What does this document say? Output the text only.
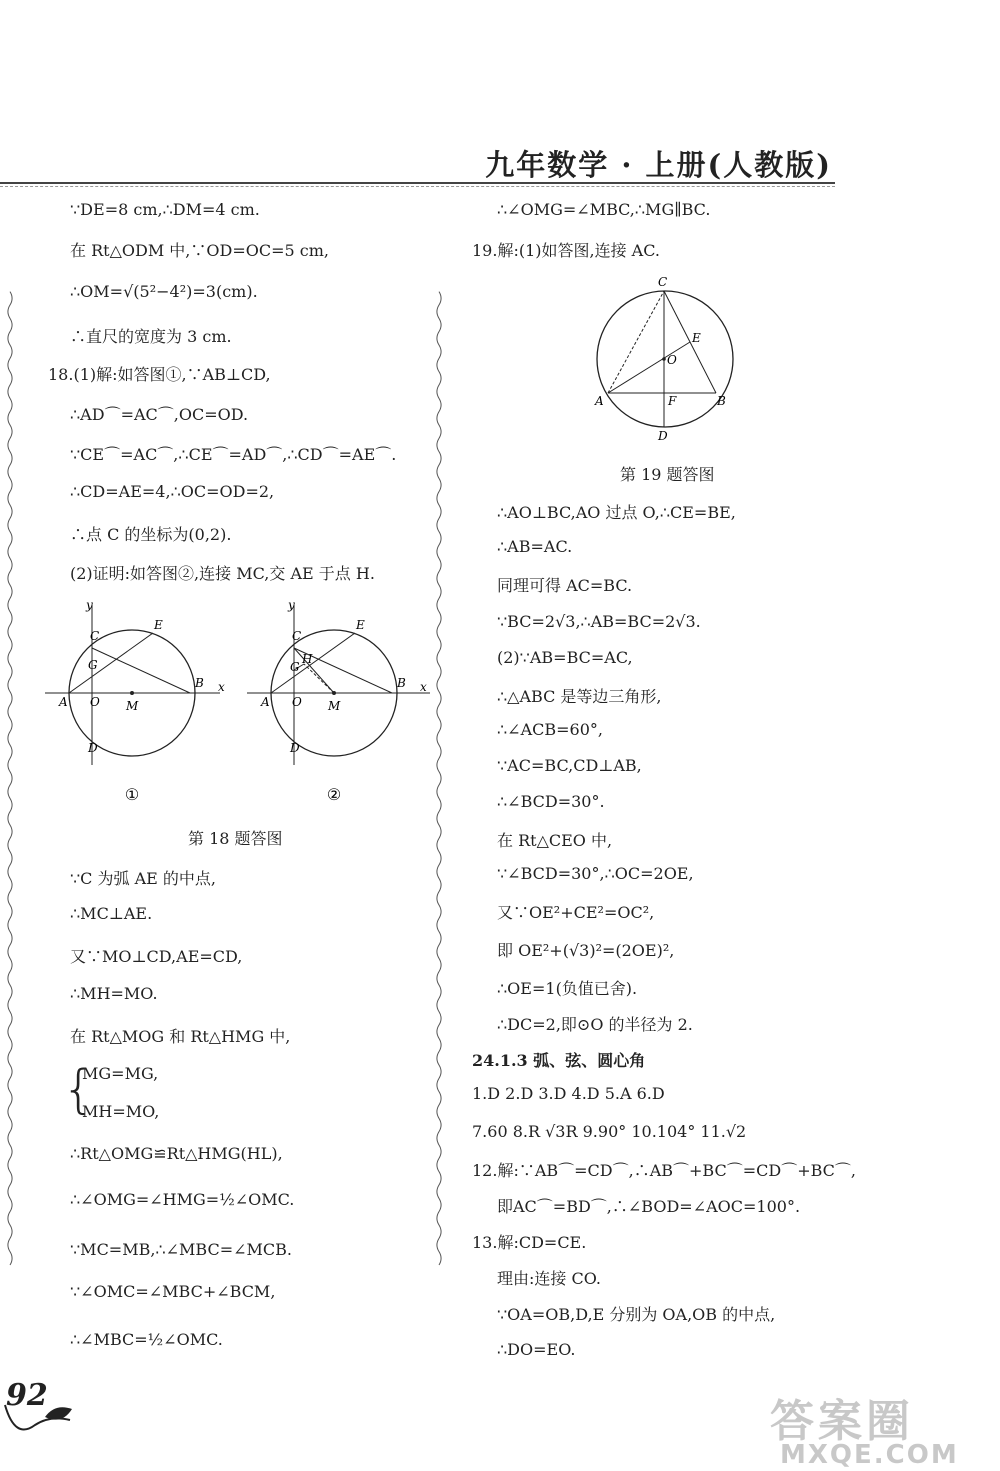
九年数学 · 上册(人教版)
∵DE=8 cm,∴DM=4 cm.
在 Rt△ODM 中,∵OD=OC=5 cm,
∴OM=√(5²−4²)=3(cm).
∴直尺的宽度为 3 cm.
18.(1)解:如答图①,∵AB⊥CD,
∴AD⌒=AC⌒,OC=OD.
∵CE⌒=AC⌒,∴CE⌒=AD⌒,∴CD⌒=AE⌒.
∴CD=AE=4,∴OC=OD=2,
∴点 C 的坐标为(0,2).
(2)证明:如答图②,连接 MC,交 AE 于点 H.
y
x
C
E
G
A O M
B
D
y
x
C
E
H
G
A O M
B
D
①	②
第 18 题答图
∵C 为弧 AE 的中点,
∴MC⊥AE.
又∵MO⊥CD,AE=CD,
∴MH=MO.
在 Rt△MOG 和 Rt△HMG 中,
{
MG=MG,
MH=MO,
∴Rt△OMG≌Rt△HMG(HL),
∴∠OMG=∠HMG=½∠OMC.
∵MC=MB,∴∠MBC=∠MCB.
∵∠OMC=∠MBC+∠BCM,
∴∠MBC=½∠OMC.
∴∠OMG=∠MBC,∴MG∥BC.
19.解:(1)如答图,连接 AC.
C
E
O
A	F	B
D
第 19 题答图
∴AO⊥BC,AO 过点 O,∴CE=BE,
∴AB=AC.
同理可得 AC=BC.
∵BC=2√3,∴AB=BC=2√3.
(2)∵AB=BC=AC,
∴△ABC 是等边三角形,
∴∠ACB=60°,
∵AC=BC,CD⊥AB,
∴∠BCD=30°.
在 Rt△CEO 中,
∵∠BCD=30°,∴OC=2OE,
又∵OE²+CE²=OC²,
即 OE²+(√3)²=(2OE)²,
∴OE=1(负值已舍).
∴DC=2,即⊙O 的半径为 2.
24.1.3 弧、弦、圆心角
1.D 2.D 3.D 4.D 5.A 6.D
7.60 8.R √3R 9.90° 10.104° 11.√2
12.解:∵AB⌒=CD⌒,∴AB⌒+BC⌒=CD⌒+BC⌒,
即AC⌒=BD⌒,∴∠BOD=∠AOC=100°.
13.解:CD=CE.
理由:连接 CO.
∵OA=OB,D,E 分别为 OA,OB 的中点,
∴DO=EO.
92
答案圈
MXQE.COM
